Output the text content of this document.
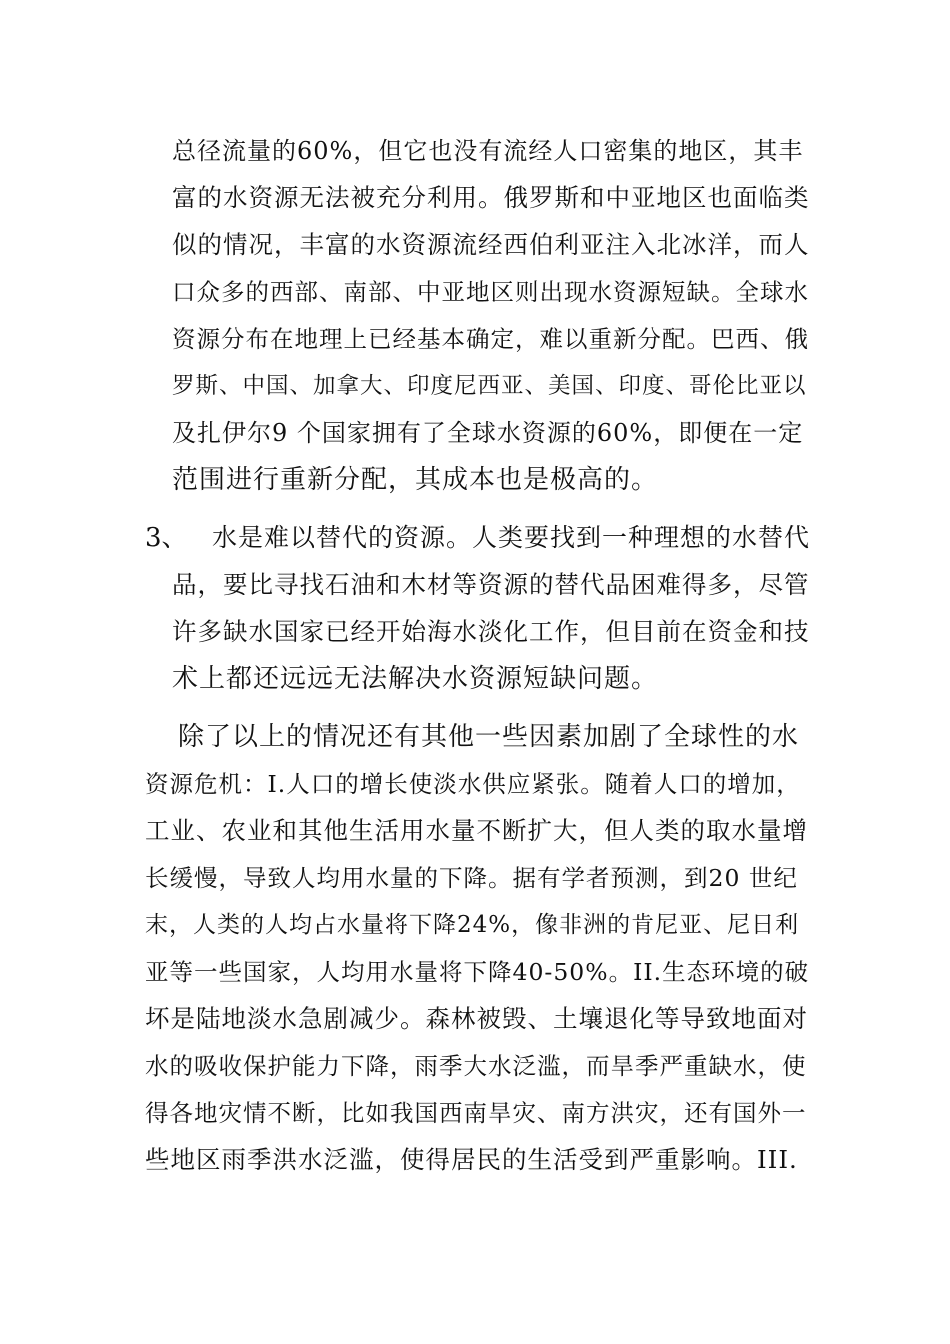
总径流量的60%，但它也没有流经人口密集的地区，其丰
富的水资源无法被充分利用。俄罗斯和中亚地区也面临类
似的情况，丰富的水资源流经西伯利亚注入北冰洋，而人
口众多的西部、南部、中亚地区则出现水资源短缺。全球水
资源分布在地理上已经基本确定，难以重新分配。巴西、俄
罗斯、中国、加拿大、印度尼西亚、美国、印度、哥伦比亚以
及扎伊尔9 个国家拥有了全球水资源的60%，即便在一定
范围进行重新分配，其成本也是极高的。
3、 水是难以替代的资源。人类要找到一种理想的水替代
品，要比寻找石油和木材等资源的替代品困难得多，尽管
许多缺水国家已经开始海水淡化工作，但目前在资金和技
术上都还远远无法解决水资源短缺问题。
除了以上的情况还有其他一些因素加剧了全球性的水
资源危机：I.人口的增长使淡水供应紧张。随着人口的增加，
工业、农业和其他生活用水量不断扩大，但人类的取水量增
长缓慢，导致人均用水量的下降。据有学者预测，到20 世纪
末，人类的人均占水量将下降24%，像非洲的肯尼亚、尼日利
亚等一些国家，人均用水量将下降40-50%。II.生态环境的破
坏是陆地淡水急剧减少。森林被毁、土壤退化等导致地面对
水的吸收保护能力下降，雨季大水泛滥，而旱季严重缺水，使
得各地灾情不断，比如我国西南旱灾、南方洪灾，还有国外一
些地区雨季洪水泛滥，使得居民的生活受到严重影响。III.
